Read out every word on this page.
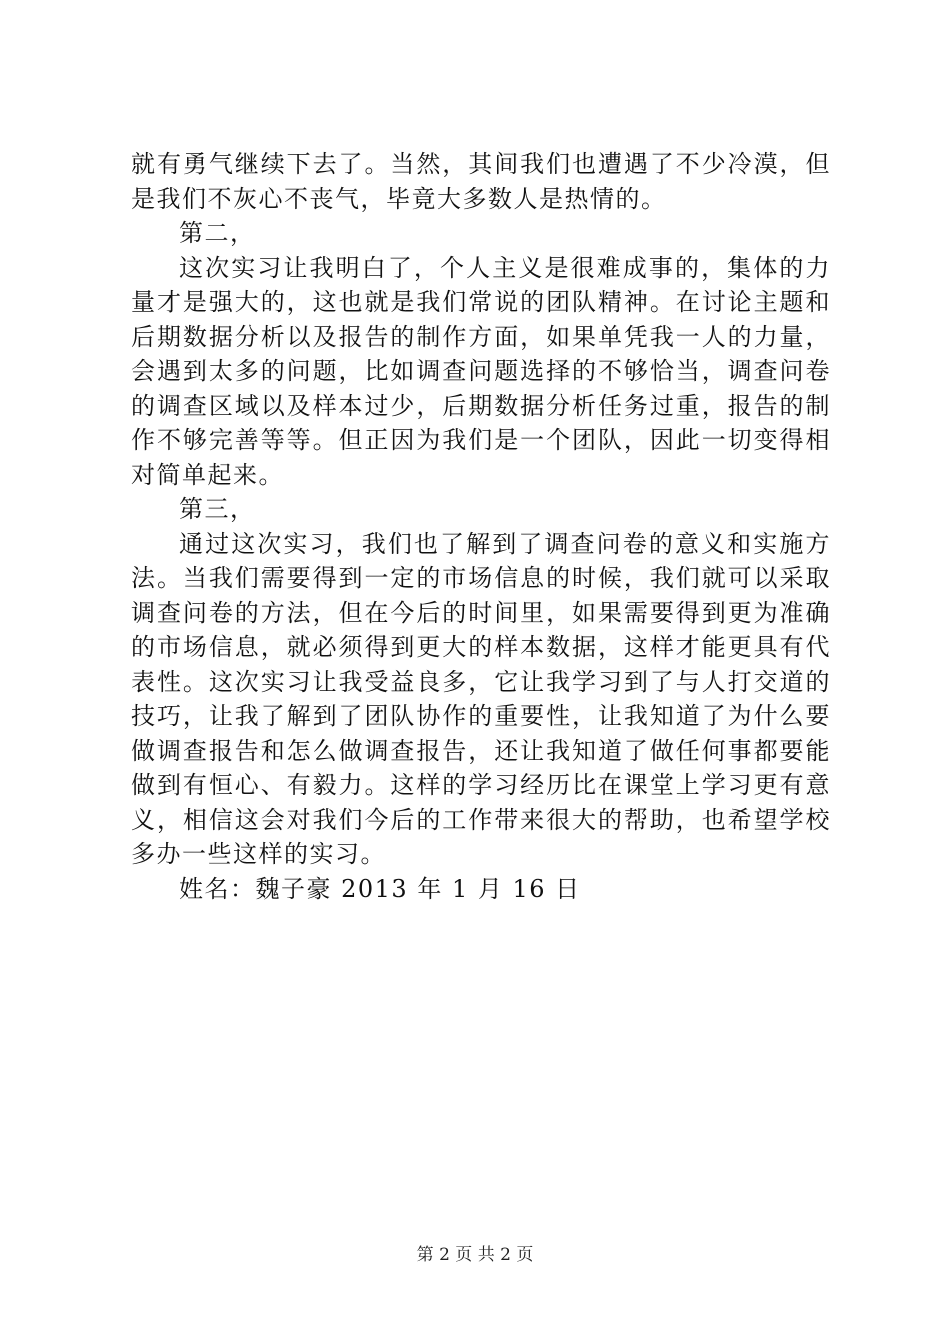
就有勇气继续下去了。当然，其间我们也遭遇了不少冷漠，但
是我们不灰心不丧气，毕竟大多数人是热情的。
第二，
这次实习让我明白了，个人主义是很难成事的，集体的力
量才是强大的，这也就是我们常说的团队精神。在讨论主题和
后期数据分析以及报告的制作方面，如果单凭我一人的力量，
会遇到太多的问题，比如调查问题选择的不够恰当，调查问卷
的调查区域以及样本过少，后期数据分析任务过重，报告的制
作不够完善等等。但正因为我们是一个团队，因此一切变得相
对简单起来。
第三，
通过这次实习，我们也了解到了调查问卷的意义和实施方
法。当我们需要得到一定的市场信息的时候，我们就可以采取
调查问卷的方法，但在今后的时间里，如果需要得到更为准确
的市场信息，就必须得到更大的样本数据，这样才能更具有代
表性。这次实习让我受益良多，它让我学习到了与人打交道的
技巧，让我了解到了团队协作的重要性，让我知道了为什么要
做调查报告和怎么做调查报告，还让我知道了做任何事都要能
做到有恒心、有毅力。这样的学习经历比在课堂上学习更有意
义，相信这会对我们今后的工作带来很大的帮助，也希望学校
多办一些这样的实习。
姓名：魏子豪 2013 年 1 月 16 日
第 2 页 共 2 页
